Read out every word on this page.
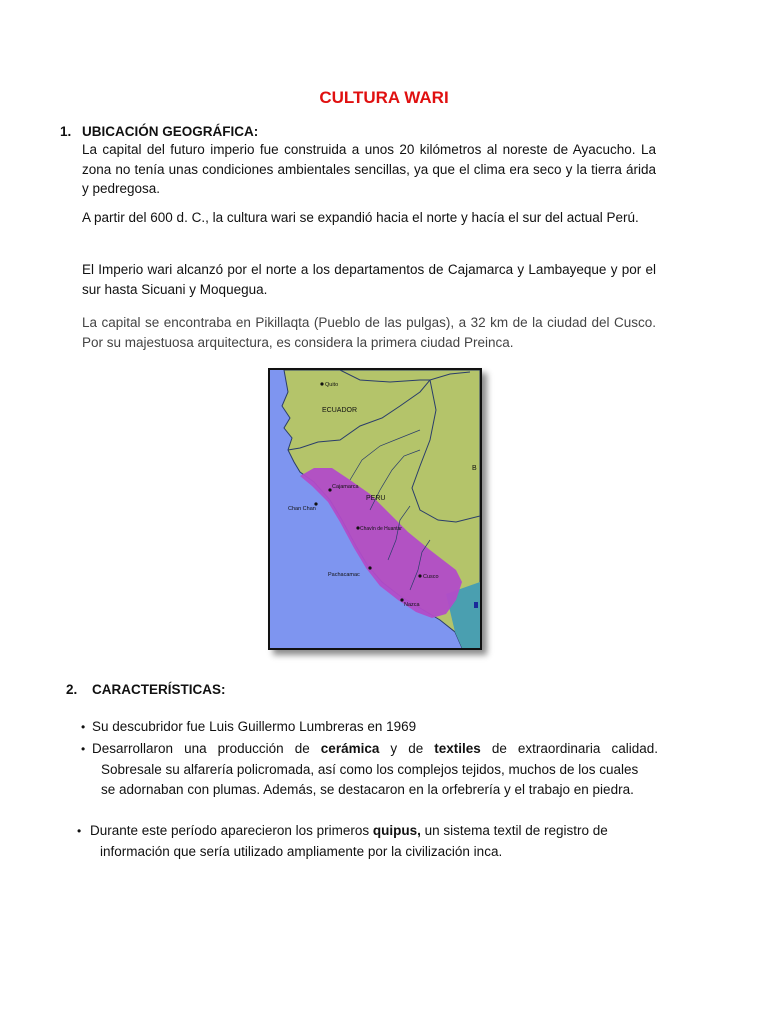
CULTURA WARI
1. UBICACIÓN GEOGRÁFICA:

La capital del futuro imperio fue construida a unos 20 kilómetros al noreste de Ayacucho. La zona no tenía unas condiciones ambientales sencillas, ya que el clima era seco y la tierra árida y pedregosa.

A partir del 600 d. C., la cultura wari se expandió hacia el norte y hacía el sur del actual Perú.

El Imperio wari alcanzó por el norte a los departamentos de Cajamarca y Lambayeque y por el sur hasta Sicuani y Moquegua.

La capital se encontraba en Pikillaqta (Pueblo de las pulgas), a 32 km de la ciudad del Cusco. Por su majestuosa arquitectura, es considera la primera ciudad Preinca.

Quito
ECUADOR
Cajamarca
PERU
Chan Chan
Chavín de Huantar
Pachacamac	Cusco
Nazca
B
2. CARACTERÍSTICAS:

• Su descubridor fue Luis Guillermo Lumbreras en 1969

• Desarrollaron una producción de cerámica y de textiles de extraordinaria calidad.
Sobresale su alfarería policromada, así como los complejos tejidos, muchos de los cuales
se adornaban con plumas. Además, se destacaron en la orfebrería y el trabajo en piedra.
• Durante este período aparecieron los primeros quipus, un sistema textil de registro de
información que sería utilizado ampliamente por la civilización inca.
